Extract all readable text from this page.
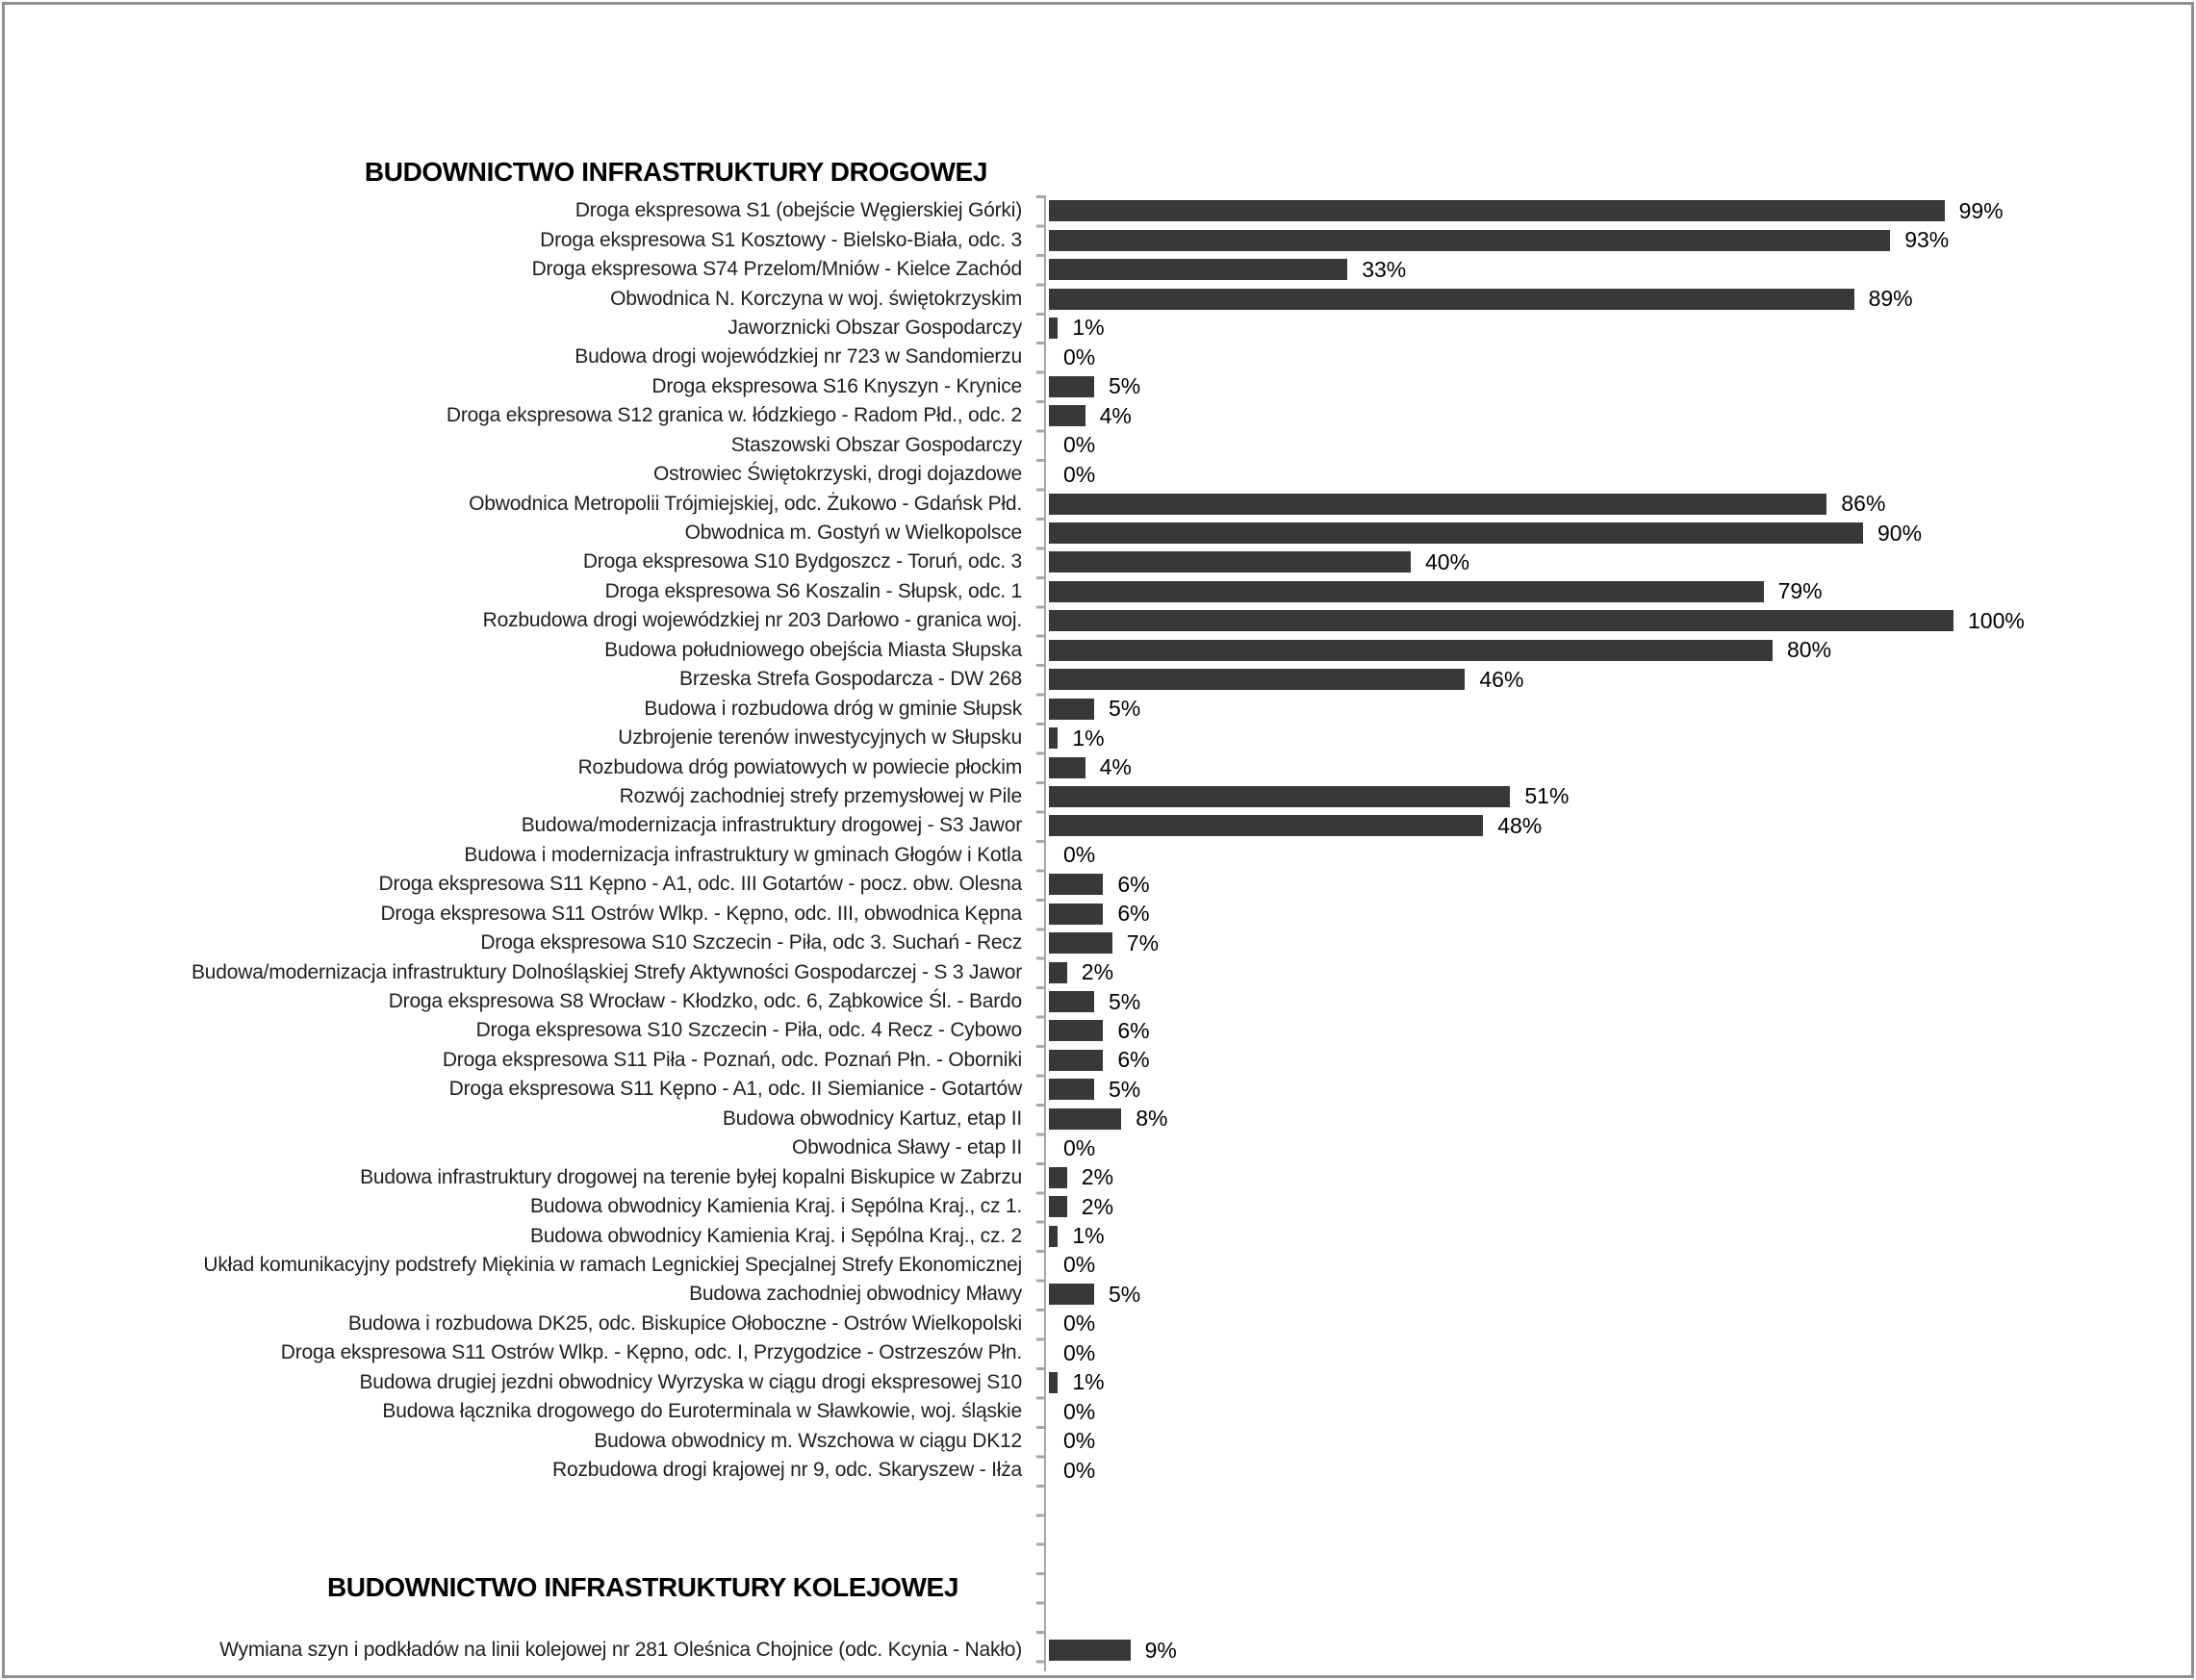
BUDOWNICTWO INFRASTRUKTURY DROGOWEJ
Droga ekspresowa S1 (obejście Węgierskiej Górki)	99%
Droga ekspresowa S1 Kosztowy - Bielsko-Biała, odc. 3	93%
Droga ekspresowa S74 Przelom/Mniów - Kielce Zachód	33%
Obwodnica N. Korczyna w woj. świętokrzyskim	89%
Jaworznicki Obszar Gospodarczy	1%
Budowa drogi wojewódzkiej nr 723 w Sandomierzu	0%
Droga ekspresowa S16 Knyszyn - Krynice	5%
Droga ekspresowa S12 granica w. łódzkiego - Radom Płd., odc. 2	4%
Staszowski Obszar Gospodarczy	0%
Ostrowiec Świętokrzyski, drogi dojazdowe	0%
Obwodnica Metropolii Trójmiejskiej, odc. Żukowo - Gdańsk Płd.	86%
Obwodnica m. Gostyń w Wielkopolsce	90%
Droga ekspresowa S10 Bydgoszcz - Toruń, odc. 3	40%
Droga ekspresowa S6 Koszalin - Słupsk, odc. 1	79%
Rozbudowa drogi wojewódzkiej nr 203 Darłowo - granica woj.	100%
Budowa południowego obejścia Miasta Słupska	80%
Brzeska Strefa Gospodarcza - DW 268	46%
Budowa i rozbudowa dróg w gminie Słupsk	5%
Uzbrojenie terenów inwestycyjnych w Słupsku	1%
Rozbudowa dróg powiatowych w powiecie płockim	4%
Rozwój zachodniej strefy przemysłowej w Pile	51%
Budowa/modernizacja infrastruktury drogowej - S3 Jawor	48%
Budowa i modernizacja infrastruktury w gminach Głogów i Kotla	0%
Droga ekspresowa S11 Kępno - A1, odc. III Gotartów - pocz. obw. Olesna	6%
Droga ekspresowa S11 Ostrów Wlkp. - Kępno, odc. III, obwodnica Kępna	6%
Droga ekspresowa S10 Szczecin - Piła, odc 3. Suchań - Recz	7%
Budowa/modernizacja infrastruktury Dolnośląskiej Strefy Aktywności Gospodarczej - S 3 Jawor	2%
Droga ekspresowa S8 Wrocław - Kłodzko, odc. 6, Ząbkowice Śl. - Bardo	5%
Droga ekspresowa S10 Szczecin - Piła, odc. 4 Recz - Cybowo	6%
Droga ekspresowa S11 Piła - Poznań, odc. Poznań Płn. - Oborniki	6%
Droga ekspresowa S11 Kępno - A1, odc. II Siemianice - Gotartów	5%
Budowa obwodnicy Kartuz, etap II	8%
Obwodnica Sławy - etap II	0%
Budowa infrastruktury drogowej na terenie byłej kopalni Biskupice w Zabrzu	2%
Budowa obwodnicy Kamienia Kraj. i Sępólna Kraj., cz 1.	2%
Budowa obwodnicy Kamienia Kraj. i Sępólna Kraj., cz. 2	1%
Układ komunikacyjny podstrefy Miękinia w ramach Legnickiej Specjalnej Strefy Ekonomicznej	0%
Budowa zachodniej obwodnicy Mławy	5%
Budowa i rozbudowa DK25, odc. Biskupice Ołoboczne - Ostrów Wielkopolski	0%
Droga ekspresowa S11 Ostrów Wlkp. - Kępno, odc. I, Przygodzice - Ostrzeszów Płn.	0%
Budowa drugiej jezdni obwodnicy Wyrzyska w ciągu drogi ekspresowej S10	1%
Budowa łącznika drogowego do Euroterminala w Sławkowie, woj. śląskie	0%
Budowa obwodnicy m. Wszchowa w ciągu DK12	0%
Rozbudowa drogi krajowej nr 9, odc. Skaryszew - Iłża	0%
BUDOWNICTWO INFRASTRUKTURY KOLEJOWEJ
Wymiana szyn i podkładów na linii kolejowej nr 281 Oleśnica Chojnice (odc. Kcynia - Nakło)	9%
